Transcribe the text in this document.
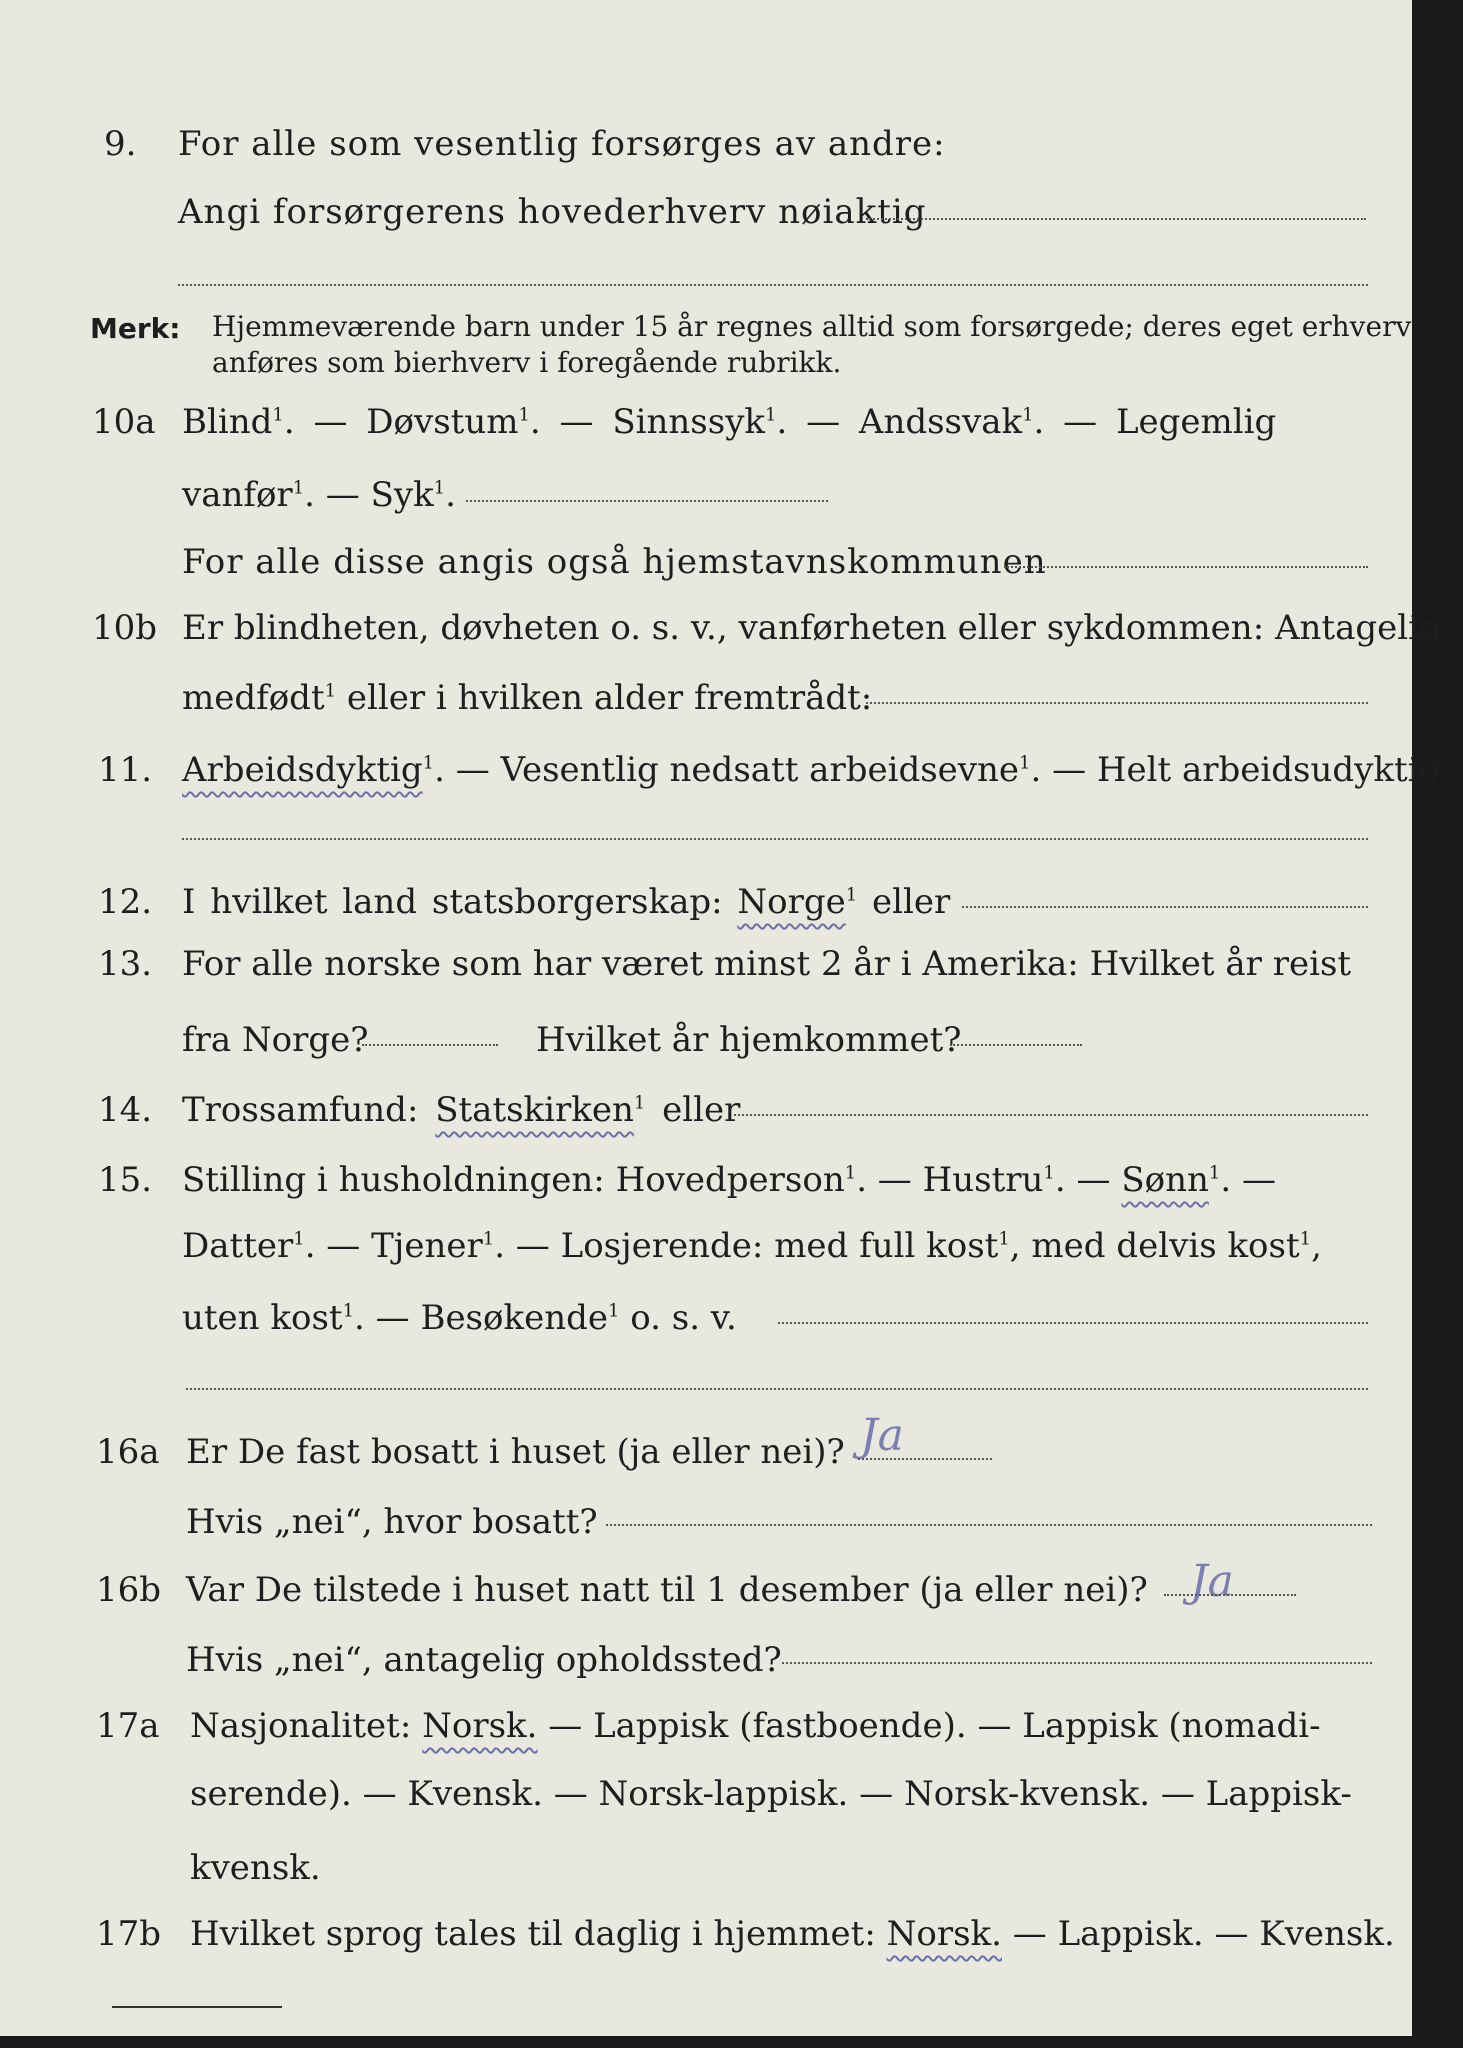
9. For alle som vesentlig forsørges av andre:
Angi forsørgerens hovederhverv nøiaktig
Merk: Hjemmeværende barn under 15 år regnes alltid som forsørgede; deres eget erhverv
anføres som bierhverv i foregående rubrikk.
10a Blind$^1$. — Døvstum$^1$. — Sinnssyk$^1$. — Andssvak$^1$. — Legemlig
vanfør$^1$. — Syk$^1$.
For alle disse angis også hjemstavnskommunen
10b Er blindheten, døvheten o. s. v., vanførheten eller sykdommen: Antagelig
medfødt$^1$ eller i hvilken alder fremtrådt:
11. Arbeidsdyktig$^1$. — Vesentlig nedsatt arbeidsevne$^1$. — Helt arbeidsudyktig$^1$.
12. I hvilket land statsborgerskap: Norge$^1$ eller
13. For alle norske som har været minst 2 år i Amerika: Hvilket år reist
fra Norge?	Hvilket år hjemkommet?
14. Trossamfund: Statskirken$^1$ eller
15. Stilling i husholdningen: Hovedperson$^1$. — Hustru$^1$. — Sønn$^1$. —
Datter$^1$. — Tjener$^1$. — Losjerende: med full kost$^1$, med delvis kost$^1$,
uten kost$^1$. — Besøkende$^1$ o. s. v.
16a Er De fast bosatt i huset (ja eller nei)? Ja
Hvis „nei“, hvor bosatt?
16b Var De tilstede i huset natt til 1 desember (ja eller nei)? Ja
Hvis „nei“, antagelig opholdssted?
17a Nasjonalitet: Norsk. — Lappisk (fastboende). — Lappisk (nomadi-
serende). — Kvensk. — Norsk-lappisk. — Norsk-kvensk. — Lappisk-
kvensk.
17b Hvilket sprog tales til daglig i hjemmet: Norsk. — Lappisk. — Kvensk.
